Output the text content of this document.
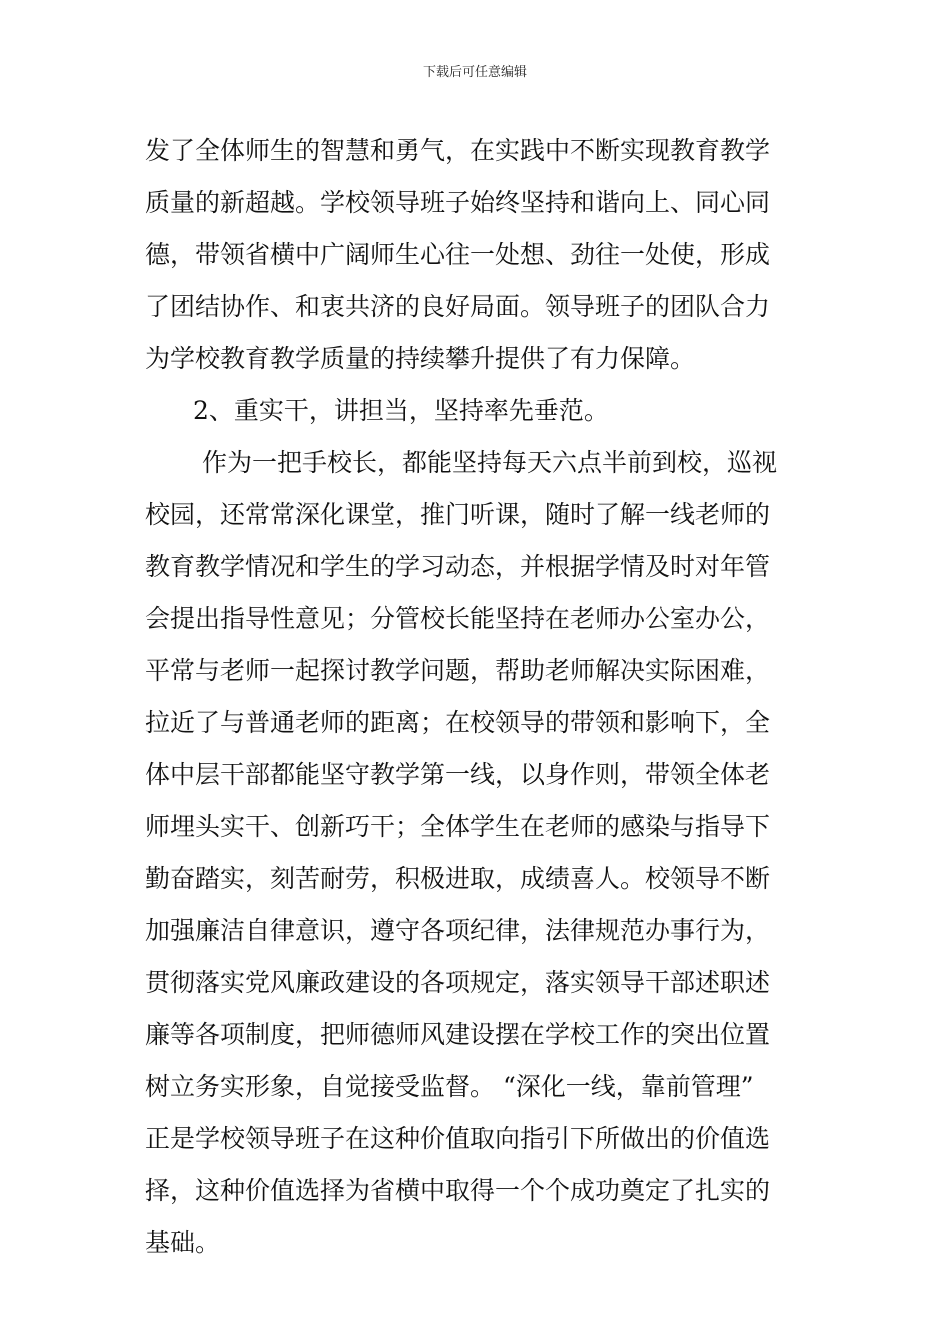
下载后可任意编辑
发了全体师生的智慧和勇气，在实践中不断实现教育教学
质量的新超越。学校领导班子始终坚持和谐向上、同心同
德，带领省横中广阔师生心往一处想、劲往一处使，形成
了团结协作、和衷共济的良好局面。领导班子的团队合力
为学校教育教学质量的持续攀升提供了有力保障。
2、重实干，讲担当，坚持率先垂范。
作为一把手校长，都能坚持每天六点半前到校，巡视
校园，还常常深化课堂，推门听课，随时了解一线老师的
教育教学情况和学生的学习动态，并根据学情及时对年管
会提出指导性意见；分管校长能坚持在老师办公室办公，
平常与老师一起探讨教学问题，帮助老师解决实际困难，
拉近了与普通老师的距离；在校领导的带领和影响下，全
体中层干部都能坚守教学第一线，以身作则，带领全体老
师埋头实干、创新巧干；全体学生在老师的感染与指导下
勤奋踏实，刻苦耐劳，积极进取，成绩喜人。校领导不断
加强廉洁自律意识，遵守各项纪律，法律规范办事行为，
贯彻落实党风廉政建设的各项规定，落实领导干部述职述
廉等各项制度，把师德师风建设摆在学校工作的突出位置
树立务实形象，自觉接受监督。 “深化一线，靠前管理”
正是学校领导班子在这种价值取向指引下所做出的价值选
择，这种价值选择为省横中取得一个个成功奠定了扎实的
基础。
